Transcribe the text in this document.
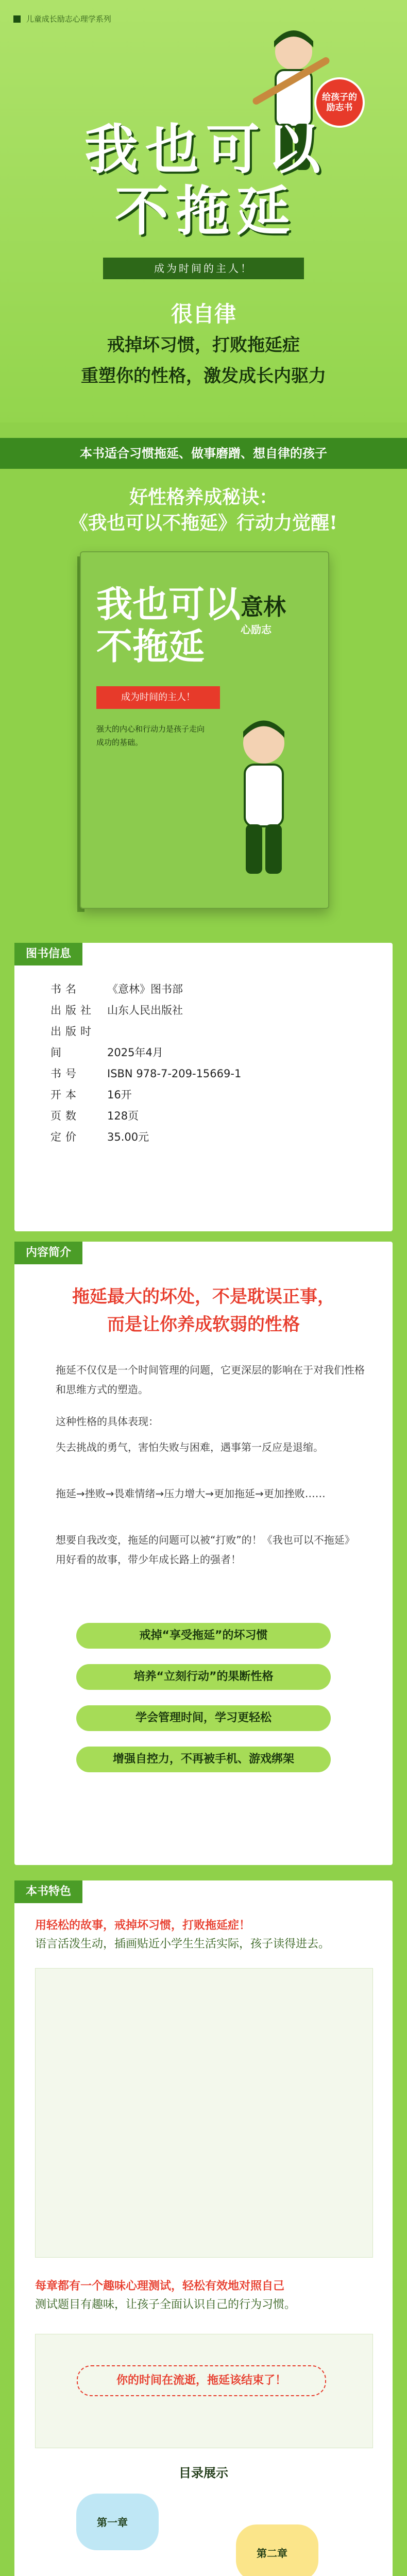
儿童成长励志心理学系列
给孩子的
励志书
我也可以
不拖延
成为时间的主人！
很自律
戒掉坏习惯，打败拖延症
重塑你的性格，激发成长内驱力
本书适合习惯拖延、做事磨蹭、想自律的孩子
好性格养成秘诀：
《我也可以不拖延》行动力觉醒!
我也可以
不拖延
意林
心励志
成为时间的主人！
强大的内心和行动力是孩子走向成功的基础。
图书信息
书名 《意林》图书部
出版社 山东人民出版社
出版时间	2025年4月
书号 ISBN 978-7-209-15669-1
开本 16开
页数 128页
定价 35.00元
内容简介
拖延最大的坏处，不是耽误正事，
而是让你养成软弱的性格
拖延不仅仅是一个时间管理的问题，它更深层的影响在于对我们性格和思维方式的塑造。
这种性格的具体表现：
失去挑战的勇气，害怕失败与困难，遇事第一反应是退缩。
拖延→挫败→畏难情绪→压力增大→更加拖延→更加挫败……
想要自我改变，拖延的问题可以被“打败”的！《我也可以不拖延》用好看的故事，带少年成长路上的强者！
戒掉“享受拖延”的坏习惯
培养“立刻行动”的果断性格
学会管理时间，学习更轻松
增强自控力，不再被手机、游戏绑架
本书特色
用轻松的故事，戒掉坏习惯，打败拖延症！
语言活泼生动，插画贴近小学生生活实际，孩子读得进去。
每章都有一个趣味心理测试，轻松有效地对照自己
测试题目有趣味，让孩子全面认识自己的行为习惯。
你的时间在流逝，拖延该结束了！
目录展示
第一章
第二章
